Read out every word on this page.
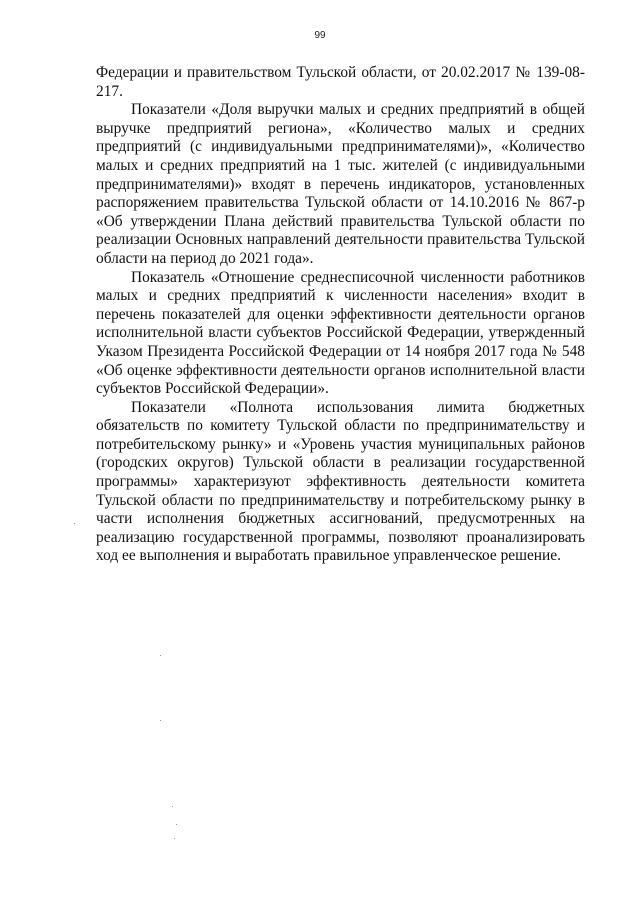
99

Федерации и правительством Тульской области, от 20.02.2017 № 139-08-217.

Показатели «Доля выручки малых и средних предприятий в общей выручке предприятий региона», «Количество малых и средних предприятий (с индивидуальными предпринимателями)», «Количество малых и средних предприятий на 1 тыс. жителей (с индивидуальными предпринимателями)» входят в перечень индикаторов, установленных распоряжением правительства Тульской области от 14.10.2016 № 867-р «Об утверждении Плана действий правительства Тульской области по реализации Основных направлений деятельности правительства Тульской области на период до 2021 года».

Показатель «Отношение среднесписочной численности работников малых и средних предприятий к численности населения» входит в перечень показателей для оценки эффективности деятельности органов исполнительной власти субъектов Российской Федерации, утвержденный Указом Президента Российской Федерации от 14 ноября 2017 года № 548 «Об оценке эффективности деятельности органов исполнительной власти субъектов Российской Федерации».

Показатели «Полнота использования лимита бюджетных обязательств по комитету Тульской области по предпринимательству и потребительскому рынку» и «Уровень участия муниципальных районов (городских округов) Тульской области в реализации государственной программы» характеризуют эффективность деятельности комитета Тульской области по предпринимательству и потребительскому рынку в части исполнения бюджетных ассигнований, предусмотренных на реализацию государственной программы, позволяют проанализировать ход ее выполнения и выработать правильное управленческое решение.
